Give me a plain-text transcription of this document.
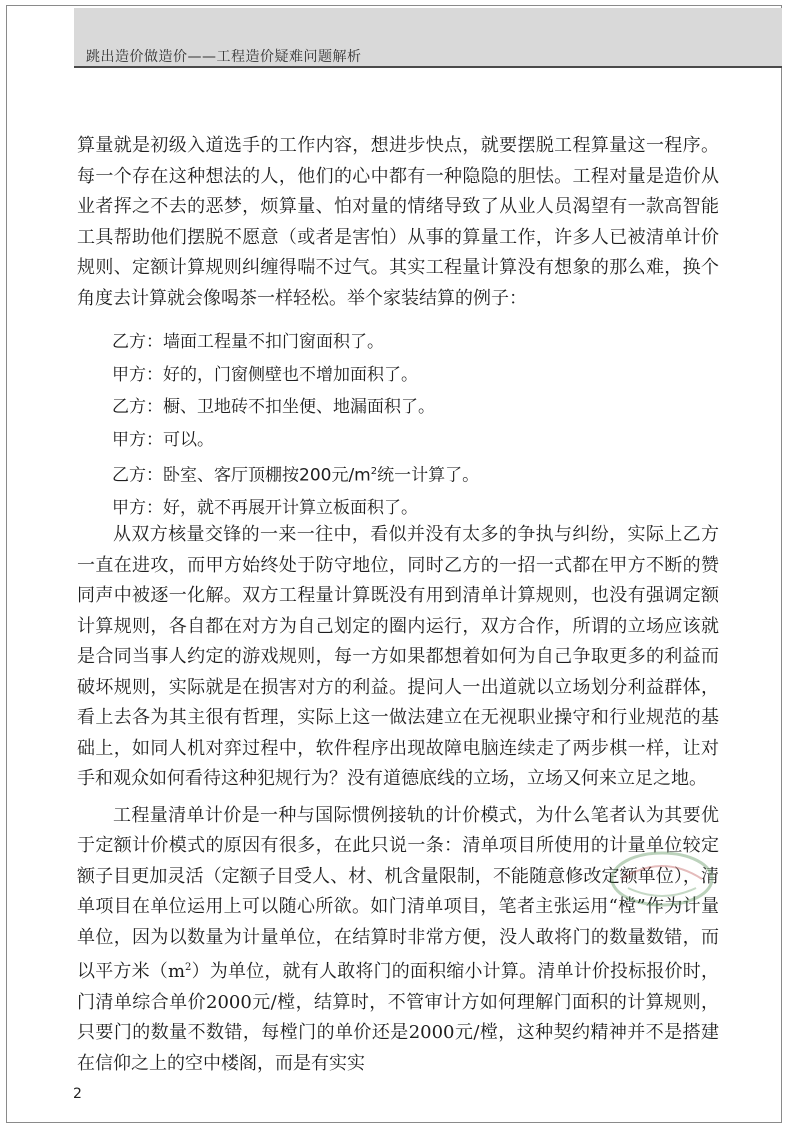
跳出造价做造价——工程造价疑难问题解析

算量就是初级入道选手的工作内容，想进步快点，就要摆脱工程算量这一程序。每一个存在这种想法的人，他们的心中都有一种隐隐的胆怯。工程对量是造价从业者挥之不去的恶梦，烦算量、怕对量的情绪导致了从业人员渴望有一款高智能工具帮助他们摆脱不愿意（或者是害怕）从事的算量工作，许多人已被清单计价规则、定额计算规则纠缠得喘不过气。其实工程量计算没有想象的那么难，换个角度去计算就会像喝茶一样轻松。举个家装结算的例子：

乙方：墙面工程量不扣门窗面积了。
甲方：好的，门窗侧壁也不增加面积了。
乙方：橱、卫地砖不扣坐便、地漏面积了。
甲方：可以。
乙方：卧室、客厅顶棚按200元$/m^2$统一计算了。
甲方：好，就不再展开计算立板面积了。

从双方核量交锋的一来一往中，看似并没有太多的争执与纠纷，实际上乙方一直在进攻，而甲方始终处于防守地位，同时乙方的一招一式都在甲方不断的赞同声中被逐一化解。双方工程量计算既没有用到清单计算规则，也没有强调定额计算规则，各自都在对方为自己划定的圈内运行，双方合作，所谓的立场应该就是合同当事人约定的游戏规则，每一方如果都想着如何为自己争取更多的利益而破坏规则，实际就是在损害对方的利益。提问人一出道就以立场划分利益群体，看上去各为其主很有哲理，实际上这一做法建立在无视职业操守和行业规范的基础上，如同人机对弈过程中，软件程序出现故障电脑连续走了两步棋一样，让对手和观众如何看待这种犯规行为？没有道德底线的立场，立场又何来立足之地。

工程量清单计价是一种与国际惯例接轨的计价模式，为什么笔者认为其要优于定额计价模式的原因有很多，在此只说一条：清单项目所使用的计量单位较定额子目更加灵活（定额子目受人、材、机含量限制，不能随意修改定额单位），清单项目在单位运用上可以随心所欲。如门清单项目，笔者主张运用“樘”作为计量单位，因为以数量为计量单位，在结算时非常方便，没人敢将门的数量数错，而以平方米$(m^2)$为单位，就有人敢将门的面积缩小计算。清单计价投标报价时，门清单综合单价2000元/樘，结算时，不管审计方如何理解门面积的计算规则，只要门的数量不数错，每樘门的单价还是2000元/樘，这种契约精神并不是搭建在信仰之上的空中楼阁，而是有实实

2
